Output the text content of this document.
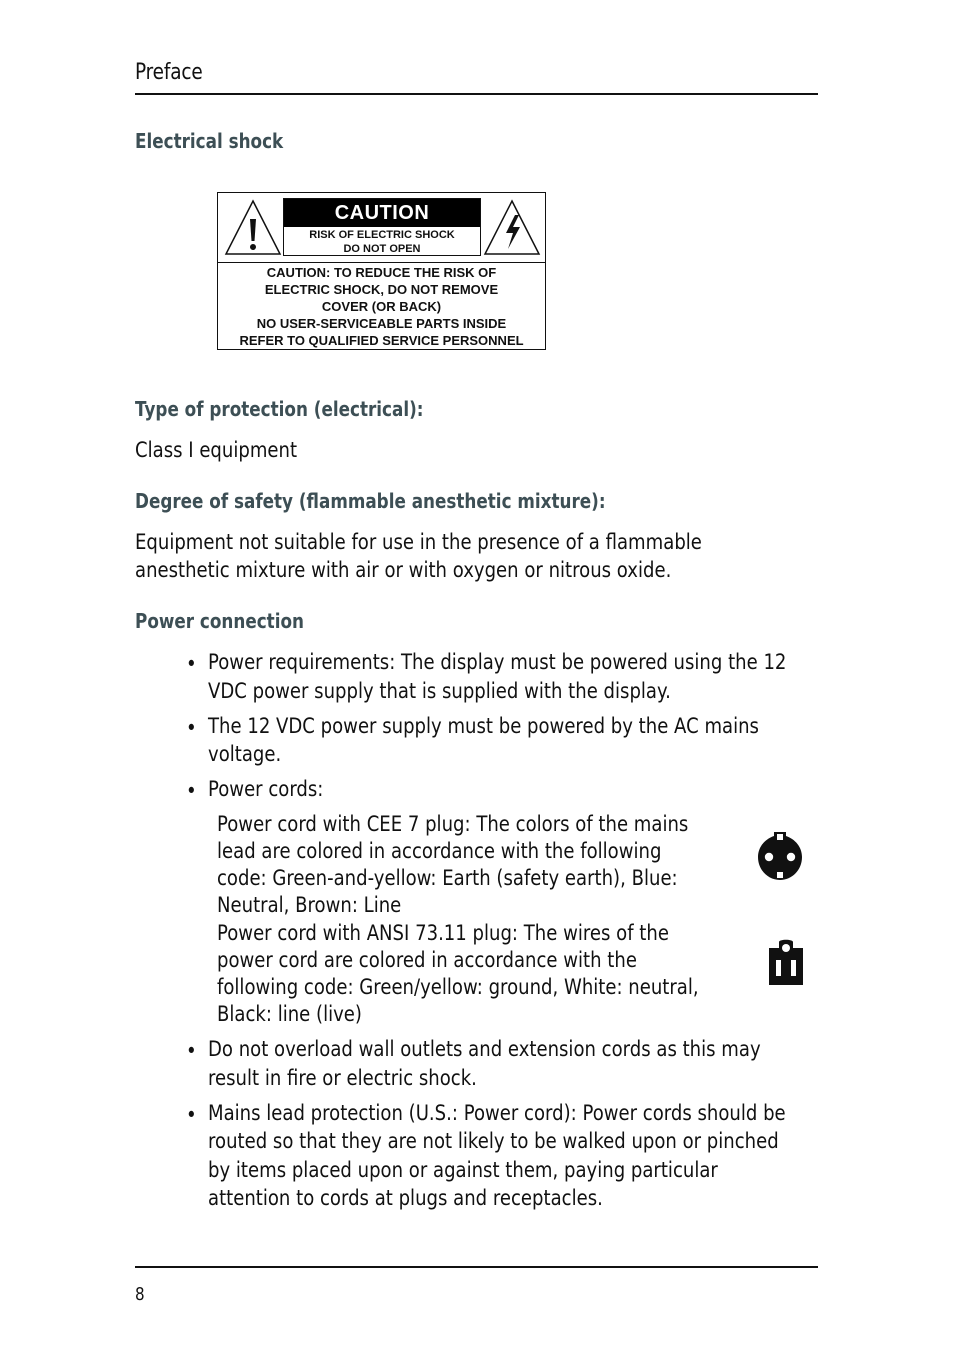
Preface
Electrical shock
CAUTION
RISK OF ELECTRIC SHOCK
DO NOT OPEN
CAUTION: TO REDUCE THE RISK OF
ELECTRIC SHOCK, DO NOT REMOVE
COVER (OR BACK)
NO USER-SERVICEABLE PARTS INSIDE
REFER TO QUALIFIED SERVICE PERSONNEL
Type of protection (electrical):
Class I equipment
Degree of safety (flammable anesthetic mixture):
Equipment not suitable for use in the presence of a flammable
anesthetic mixture with air or with oxygen or nitrous oxide.
Power connection
• Power requirements: The display must be powered using the 12
VDC power supply that is supplied with the display.
• The 12 VDC power supply must be powered by the AC mains
voltage.
• Power cords:
Power cord with CEE 7 plug: The colors of the mains
lead are colored in accordance with the following
code: Green-and-yellow: Earth (safety earth), Blue:
Neutral, Brown: Line
Power cord with ANSI 73.11 plug: The wires of the
power cord are colored in accordance with the
following code: Green/yellow: ground, White: neutral,
Black: line (live)
• Do not overload wall outlets and extension cords as this may
result in fire or electric shock.
• Mains lead protection (U.S.: Power cord): Power cords should be
routed so that they are not likely to be walked upon or pinched
by items placed upon or against them, paying particular
attention to cords at plugs and receptacles.
8
